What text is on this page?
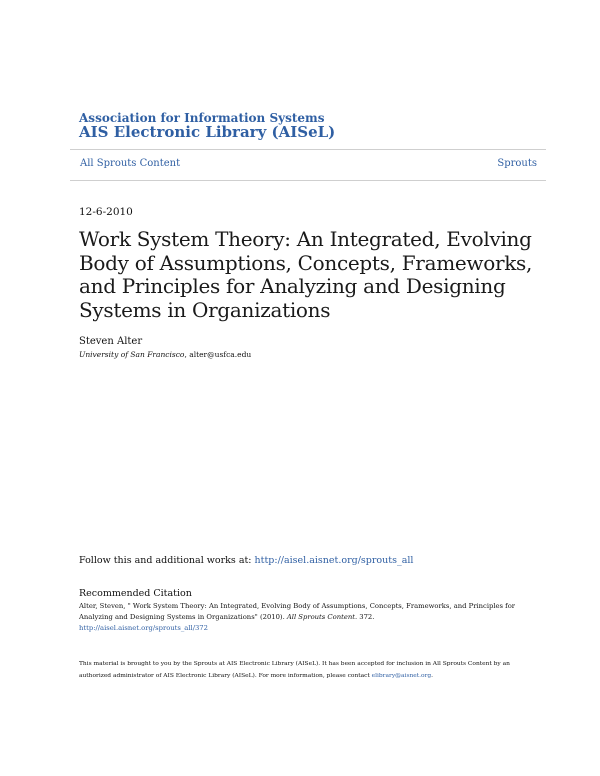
Association for Information Systems
AIS Electronic Library (AISeL)
All Sprouts Content	Sprouts
12-6-2010
Work System Theory: An Integrated, Evolving Body of Assumptions, Concepts, Frameworks, and Principles for Analyzing and Designing Systems in Organizations
Steven Alter
University of San Francisco, alter@usfca.edu
Follow this and additional works at: http://aisel.aisnet.org/sprouts_all
Recommended Citation
Alter, Steven, " Work System Theory: An Integrated, Evolving Body of Assumptions, Concepts, Frameworks, and Principles for Analyzing and Designing Systems in Organizations" (2010). All Sprouts Content. 372.
http://aisel.aisnet.org/sprouts_all/372
This material is brought to you by the Sprouts at AIS Electronic Library (AISeL). It has been accepted for inclusion in All Sprouts Content by an authorized administrator of AIS Electronic Library (AISeL). For more information, please contact elibrary@aisnet.org.
